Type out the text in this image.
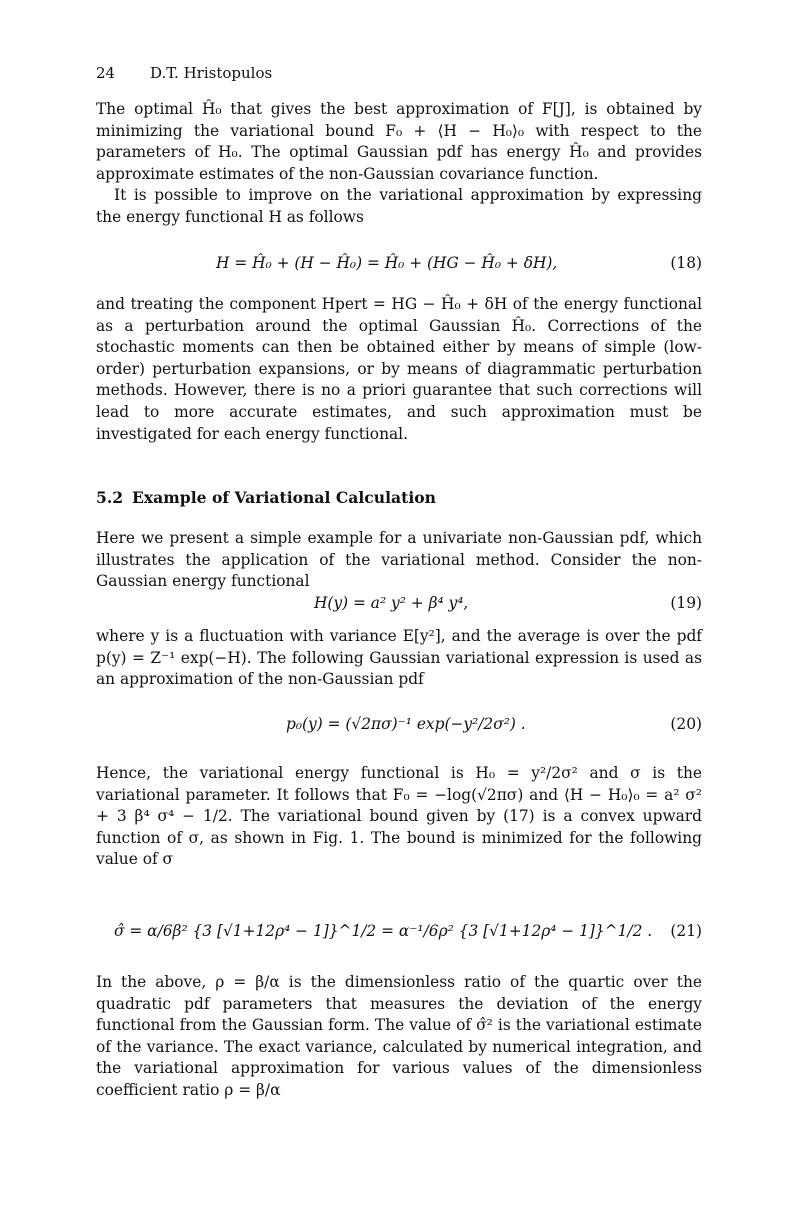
24 D.T. Hristopulos

The optimal Ĥ₀ that gives the best approximation of F[J], is obtained by minimizing the variational bound F₀ + ⟨H − H₀⟩₀ with respect to the parameters of H₀. The optimal Gaussian pdf has energy Ĥ₀ and provides approximate estimates of the non-Gaussian covariance function.

It is possible to improve on the variational approximation by expressing the energy functional H as follows

H = Ĥ₀ + (H − Ĥ₀) = Ĥ₀ + (HG − Ĥ₀ + δH),	(18)

and treating the component Hpert = HG − Ĥ₀ + δH of the energy functional as a perturbation around the optimal Gaussian Ĥ₀. Corrections of the stochastic moments can then be obtained either by means of simple (low-order) perturbation expansions, or by means of diagrammatic perturbation methods. However, there is no a priori guarantee that such corrections will lead to more accurate estimates, and such approximation must be investigated for each energy functional.

5.2 Example of Variational Calculation

Here we present a simple example for a univariate non-Gaussian pdf, which illustrates the application of the variational method. Consider the non-Gaussian energy functional

H(y) = a² y² + β⁴ y⁴,	(19)

where y is a fluctuation with variance E[y²], and the average is over the pdf p(y) = Z⁻¹ exp(−H). The following Gaussian variational expression is used as an approximation of the non-Gaussian pdf

p₀(y) = (√2πσ)⁻¹ exp(−y²/2σ²) .	(20)

Hence, the variational energy functional is H₀ = y²/2σ² and σ is the variational parameter. It follows that F₀ = −log(√2πσ) and ⟨H − H₀⟩₀ = a² σ² + 3 β⁴ σ⁴ − 1/2. The variational bound given by (17) is a convex upward function of σ, as shown in Fig. 1. The bound is minimized for the following value of σ

σ̂ = α/6β² {3 [√1+12ρ⁴ − 1]}^1/2 = α⁻¹/6ρ² {3 [√1+12ρ⁴ − 1]}^1/2 . (21)

In the above, ρ = β/α is the dimensionless ratio of the quartic over the quadratic pdf parameters that measures the deviation of the energy functional from the Gaussian form. The value of σ̂² is the variational estimate of the variance. The exact variance, calculated by numerical integration, and the variational approximation for various values of the dimensionless coefficient ratio ρ = β/α
